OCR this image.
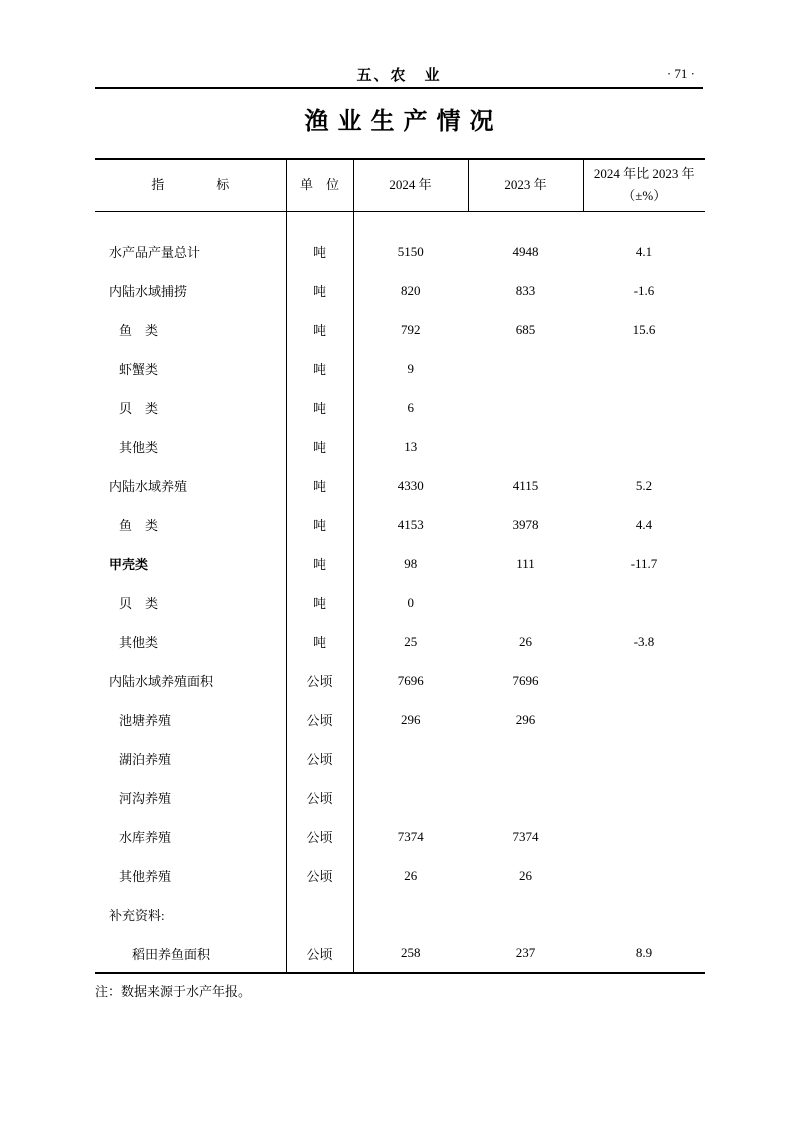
五、农　业	· 71 ·
渔业生产情况
指　　　　标	单　位	2024 年	2023 年	2024 年比 2023 年
（±%）

水产品产量总计	吨	5150	4948	4.1
内陆水域捕捞	吨	820	833	-1.6
鱼　类	吨	792	685	15.6
虾蟹类	吨	9		
贝　类	吨	6		
其他类	吨	13		
内陆水域养殖	吨	4330	4115	5.2
鱼　类	吨	4153	3978	4.4
甲壳类	吨	98	111	-11.7
贝　类	吨	0		
其他类	吨	25	26	-3.8
内陆水域养殖面积	公顷	7696	7696	
池塘养殖	公顷	296	296	
湖泊养殖	公顷			
河沟养殖	公顷			
水库养殖	公顷	7374	7374	
其他养殖	公顷	26	26	
补充资料:				
稻田养鱼面积	公顷	258	237	8.9

注：数据来源于水产年报。
